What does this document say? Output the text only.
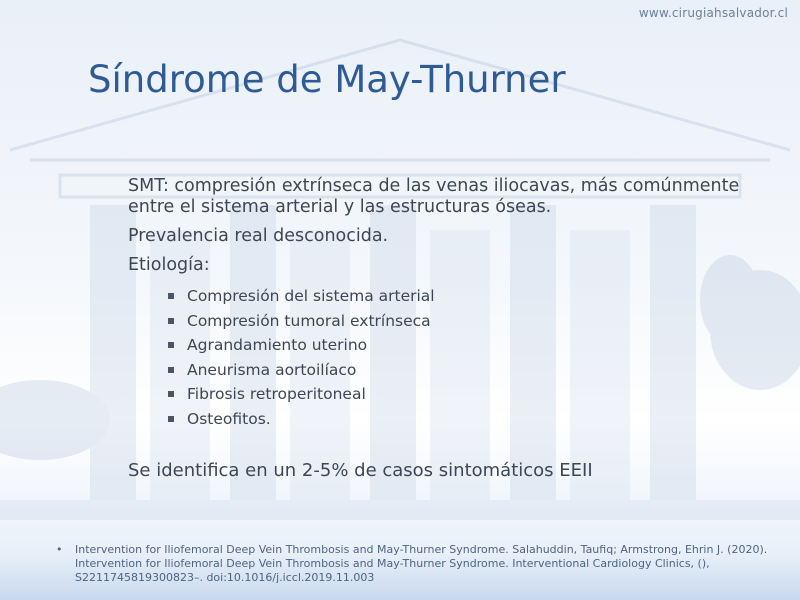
www.cirugiahsalvador.cl
Síndrome de May-Thurner

SMT: compresión extrínseca de las venas iliocavas, más comúnmente entre el sistema arterial y las estructuras óseas.

Prevalencia real desconocida.

Etiología:

Compresión del sistema arterial
Compresión tumoral extrínseca
Agrandamiento uterino
Aneurisma aortoilíaco
Fibrosis retroperitoneal
Osteofitos.
Se identifica en un 2-5% de casos sintomáticos EEII
• Intervention for Iliofemoral Deep Vein Thrombosis and May-Thurner Syndrome. Salahuddin, Taufiq; Armstrong, Ehrin J. (2020).
Intervention for Iliofemoral Deep Vein Thrombosis and May-Thurner Syndrome. Interventional Cardiology Clinics, (),
S2211745819300823–. doi:10.1016/j.iccl.2019.11.003
